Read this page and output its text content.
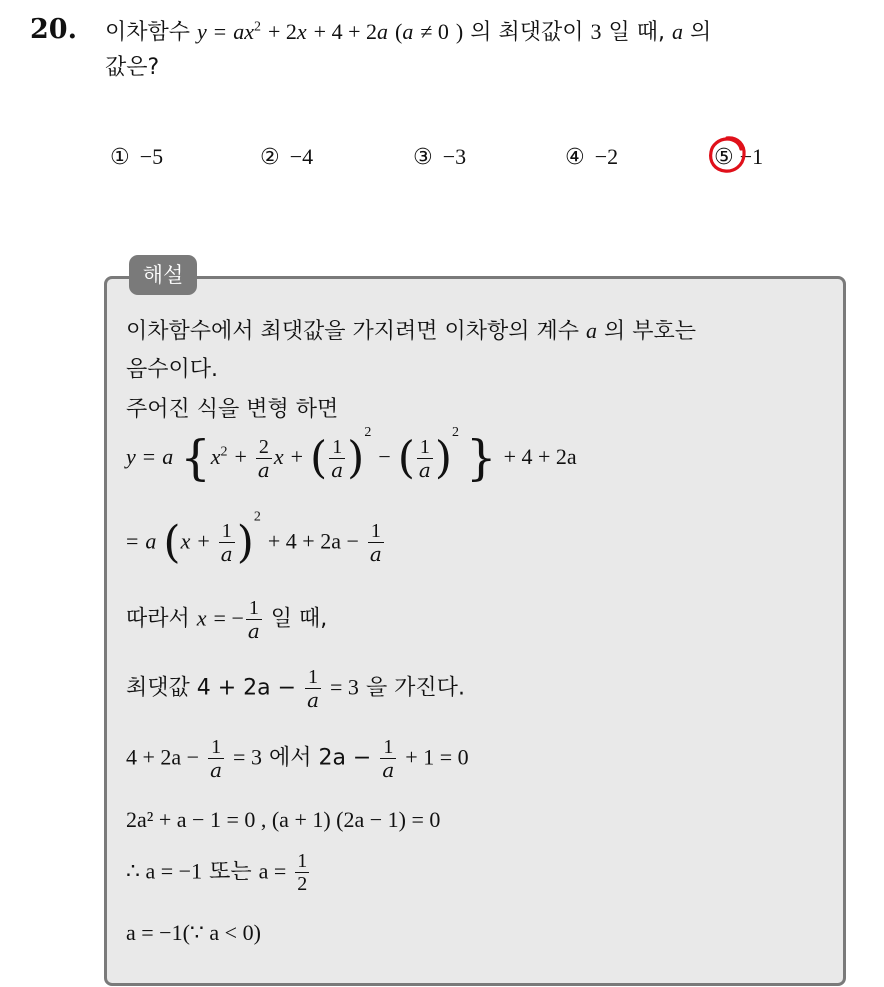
20. 이차함수 $y = ax^2 + 2x + 4 + 2a$ (a ≠ 0 ) 의 최댓값이 3 일 때, a 의
값은?
① −5	② −4	③ −3	④ −2	⑤ −1
해설
이차함수에서 최댓값을 가지려면 이차항의 계수 a 의 부호는
음수이다.
주어진 식을 변형 하면
y = a {$x^2 + \frac{2}{a}$ x + ( $\frac{1}{a} )^2$ − ( $\frac{1}{a} )^2$ } + 4 + 2a
= a $(x + \frac{1}{a} )^2 + 4 + 2a - \frac{1}{a}$
따라서 x = − $\frac{1}{a}$ 일 때,
최댓값 $4 + 2a - \frac{1}{a} = 3$ 을 가진다.
$4 + 2a - \frac{1}{a} = 3$ 에서 $2a - \frac{1}{a} + 1 = 0$
2a² + a − 1 = 0 , (a + 1) (2a − 1) = 0
∴ a = −1 또는 $a = \frac{1}{2}$
a = −1(∵ a < 0)
